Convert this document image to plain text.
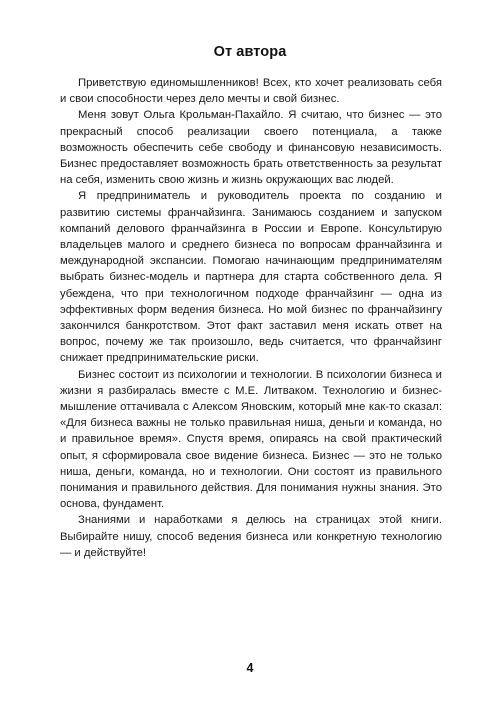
От автора

Приветствую единомышленников! Всех, кто хочет реализовать себя и свои способности через дело мечты и свой бизнес.

Меня зовут Ольга Крольман-Пахайло. Я считаю, что бизнес — это прекрасный способ реализации своего потенциала, а также возможность обеспечить себе свободу и финансовую независимость. Бизнес предоставляет возможность брать ответственность за результат на себя, изменить свою жизнь и жизнь окружающих вас людей.

Я предприниматель и руководитель проекта по созданию и развитию системы франчайзинга. Занимаюсь созданием и запуском компаний делового франчайзинга в России и Европе. Консультирую владельцев малого и среднего бизнеса по вопросам франчайзинга и международной экспансии. Помогаю начинающим предпринимателям выбрать бизнес-модель и партнера для старта собственного дела. Я убеждена, что при технологичном подходе франчайзинг — одна из эффективных форм ведения бизнеса. Но мой бизнес по франчайзингу закончился банкротством. Этот факт заставил меня искать ответ на вопрос, почему же так произошло, ведь считается, что франчайзинг снижает предпринимательские риски.

Бизнес состоит из психологии и технологии. В психологии бизнеса и жизни я разбиралась вместе с М.Е. Литваком. Технологию и бизнес-мышление оттачивала с Алексом Яновским, который мне как-то сказал: «Для бизнеса важны не только правильная ниша, деньги и команда, но и правильное время». Спустя время, опираясь на свой практический опыт, я сформировала свое видение бизнеса. Бизнес — это не только ниша, деньги, команда, но и технологии. Они состоят из правильного понимания и правильного действия. Для понимания нужны знания. Это основа, фундамент.

Знаниями и наработками я делюсь на страницах этой книги. Выбирайте нишу, способ ведения бизнеса или конкретную технологию — и действуйте!

4
